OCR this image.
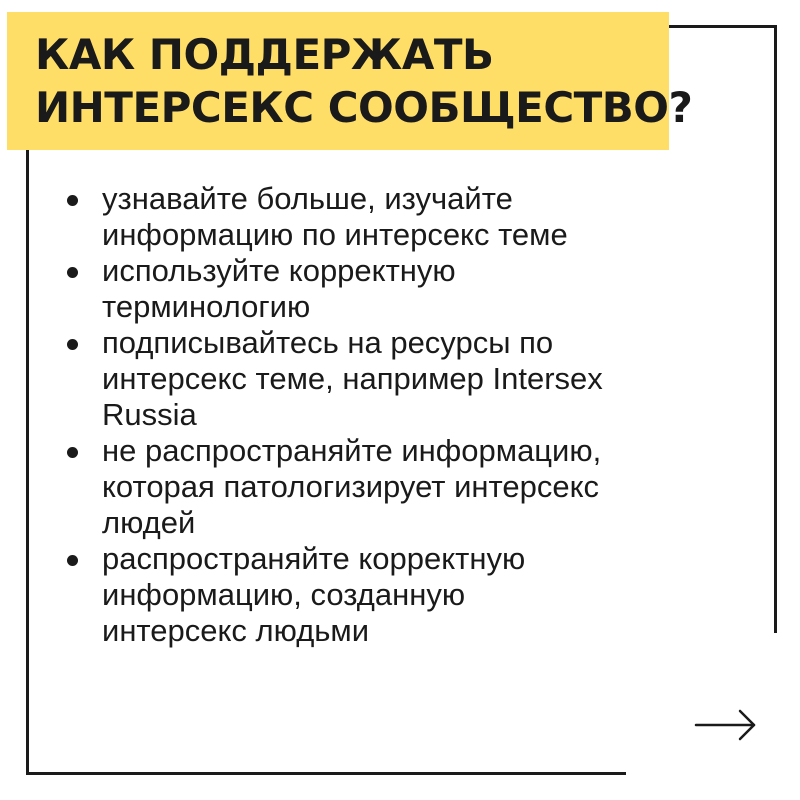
КАК ПОДДЕРЖАТЬ
ИНТЕРСЕКС СООБЩЕСТВО?
узнавайте больше, изучайте
информацию по интерсекс теме
используйте корректную
терминологию
подписывайтесь на ресурсы по
интерсекс теме, например Intersex
Russia
не распространяйте информацию,
которая патологизирует интерсекс
людей
распространяйте корректную
информацию, созданную
интерсекс людьми
